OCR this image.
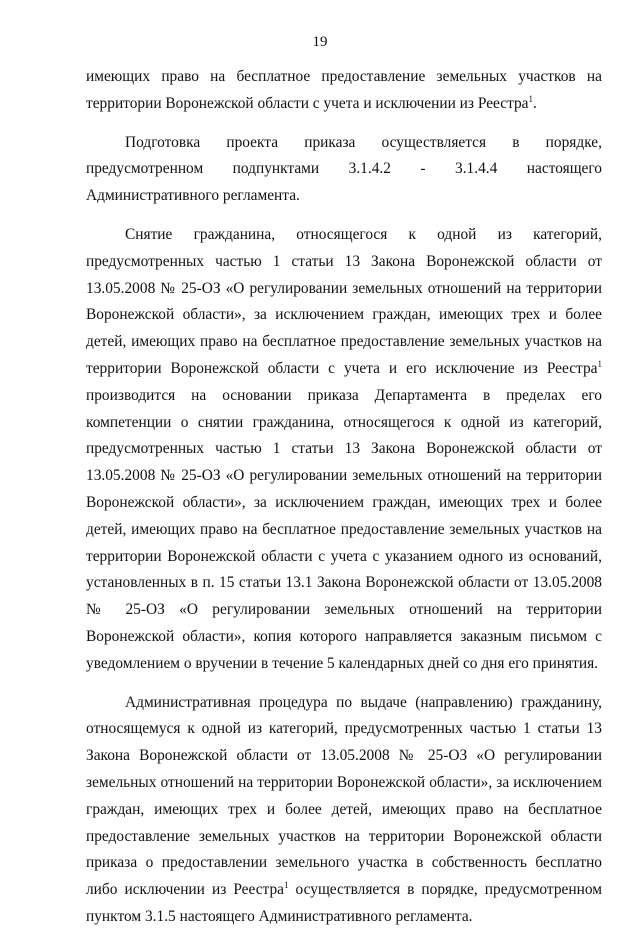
19

имеющих право на бесплатное предоставление земельных участков на территории Воронежской области с учета и исключении из Реестра$^1$.

Подготовка проекта приказа осуществляется в порядке, предусмотренном подпунктами 3.1.4.2 - 3.1.4.4 настоящего Административного регламента.

Снятие гражданина, относящегося к одной из категорий, предусмотренных частью 1 статьи 13 Закона Воронежской области от 13.05.2008 № 25-ОЗ «О регулировании земельных отношений на территории Воронежской области», за исключением граждан, имеющих трех и более детей, имеющих право на бесплатное предоставление земельных участков на территории Воронежской области с учета и его исключение из Реестра$^1$ производится на основании приказа Департамента в пределах его компетенции о снятии гражданина, относящегося к одной из категорий, предусмотренных частью 1 статьи 13 Закона Воронежской области от 13.05.2008 № 25-ОЗ «О регулировании земельных отношений на территории Воронежской области», за исключением граждан, имеющих трех и более детей, имеющих право на бесплатное предоставление земельных участков на территории Воронежской области с учета с указанием одного из оснований, установленных в п. 15 статьи 13.1 Закона Воронежской области от 13.05.2008 № 25-ОЗ «О регулировании земельных отношений на территории Воронежской области», копия которого направляется заказным письмом с уведомлением о вручении в течение 5 календарных дней со дня его принятия.

Административная процедура по выдаче (направлению) гражданину, относящемуся к одной из категорий, предусмотренных частью 1 статьи 13 Закона Воронежской области от 13.05.2008 № 25-ОЗ «О регулировании земельных отношений на территории Воронежской области», за исключением граждан, имеющих трех и более детей, имеющих право на бесплатное предоставление земельных участков на территории Воронежской области приказа о предоставлении земельного участка в собственность бесплатно либо исключении из Реестра$^1$ осуществляется в порядке, предусмотренном пунктом 3.1.5 настоящего Административного регламента.
